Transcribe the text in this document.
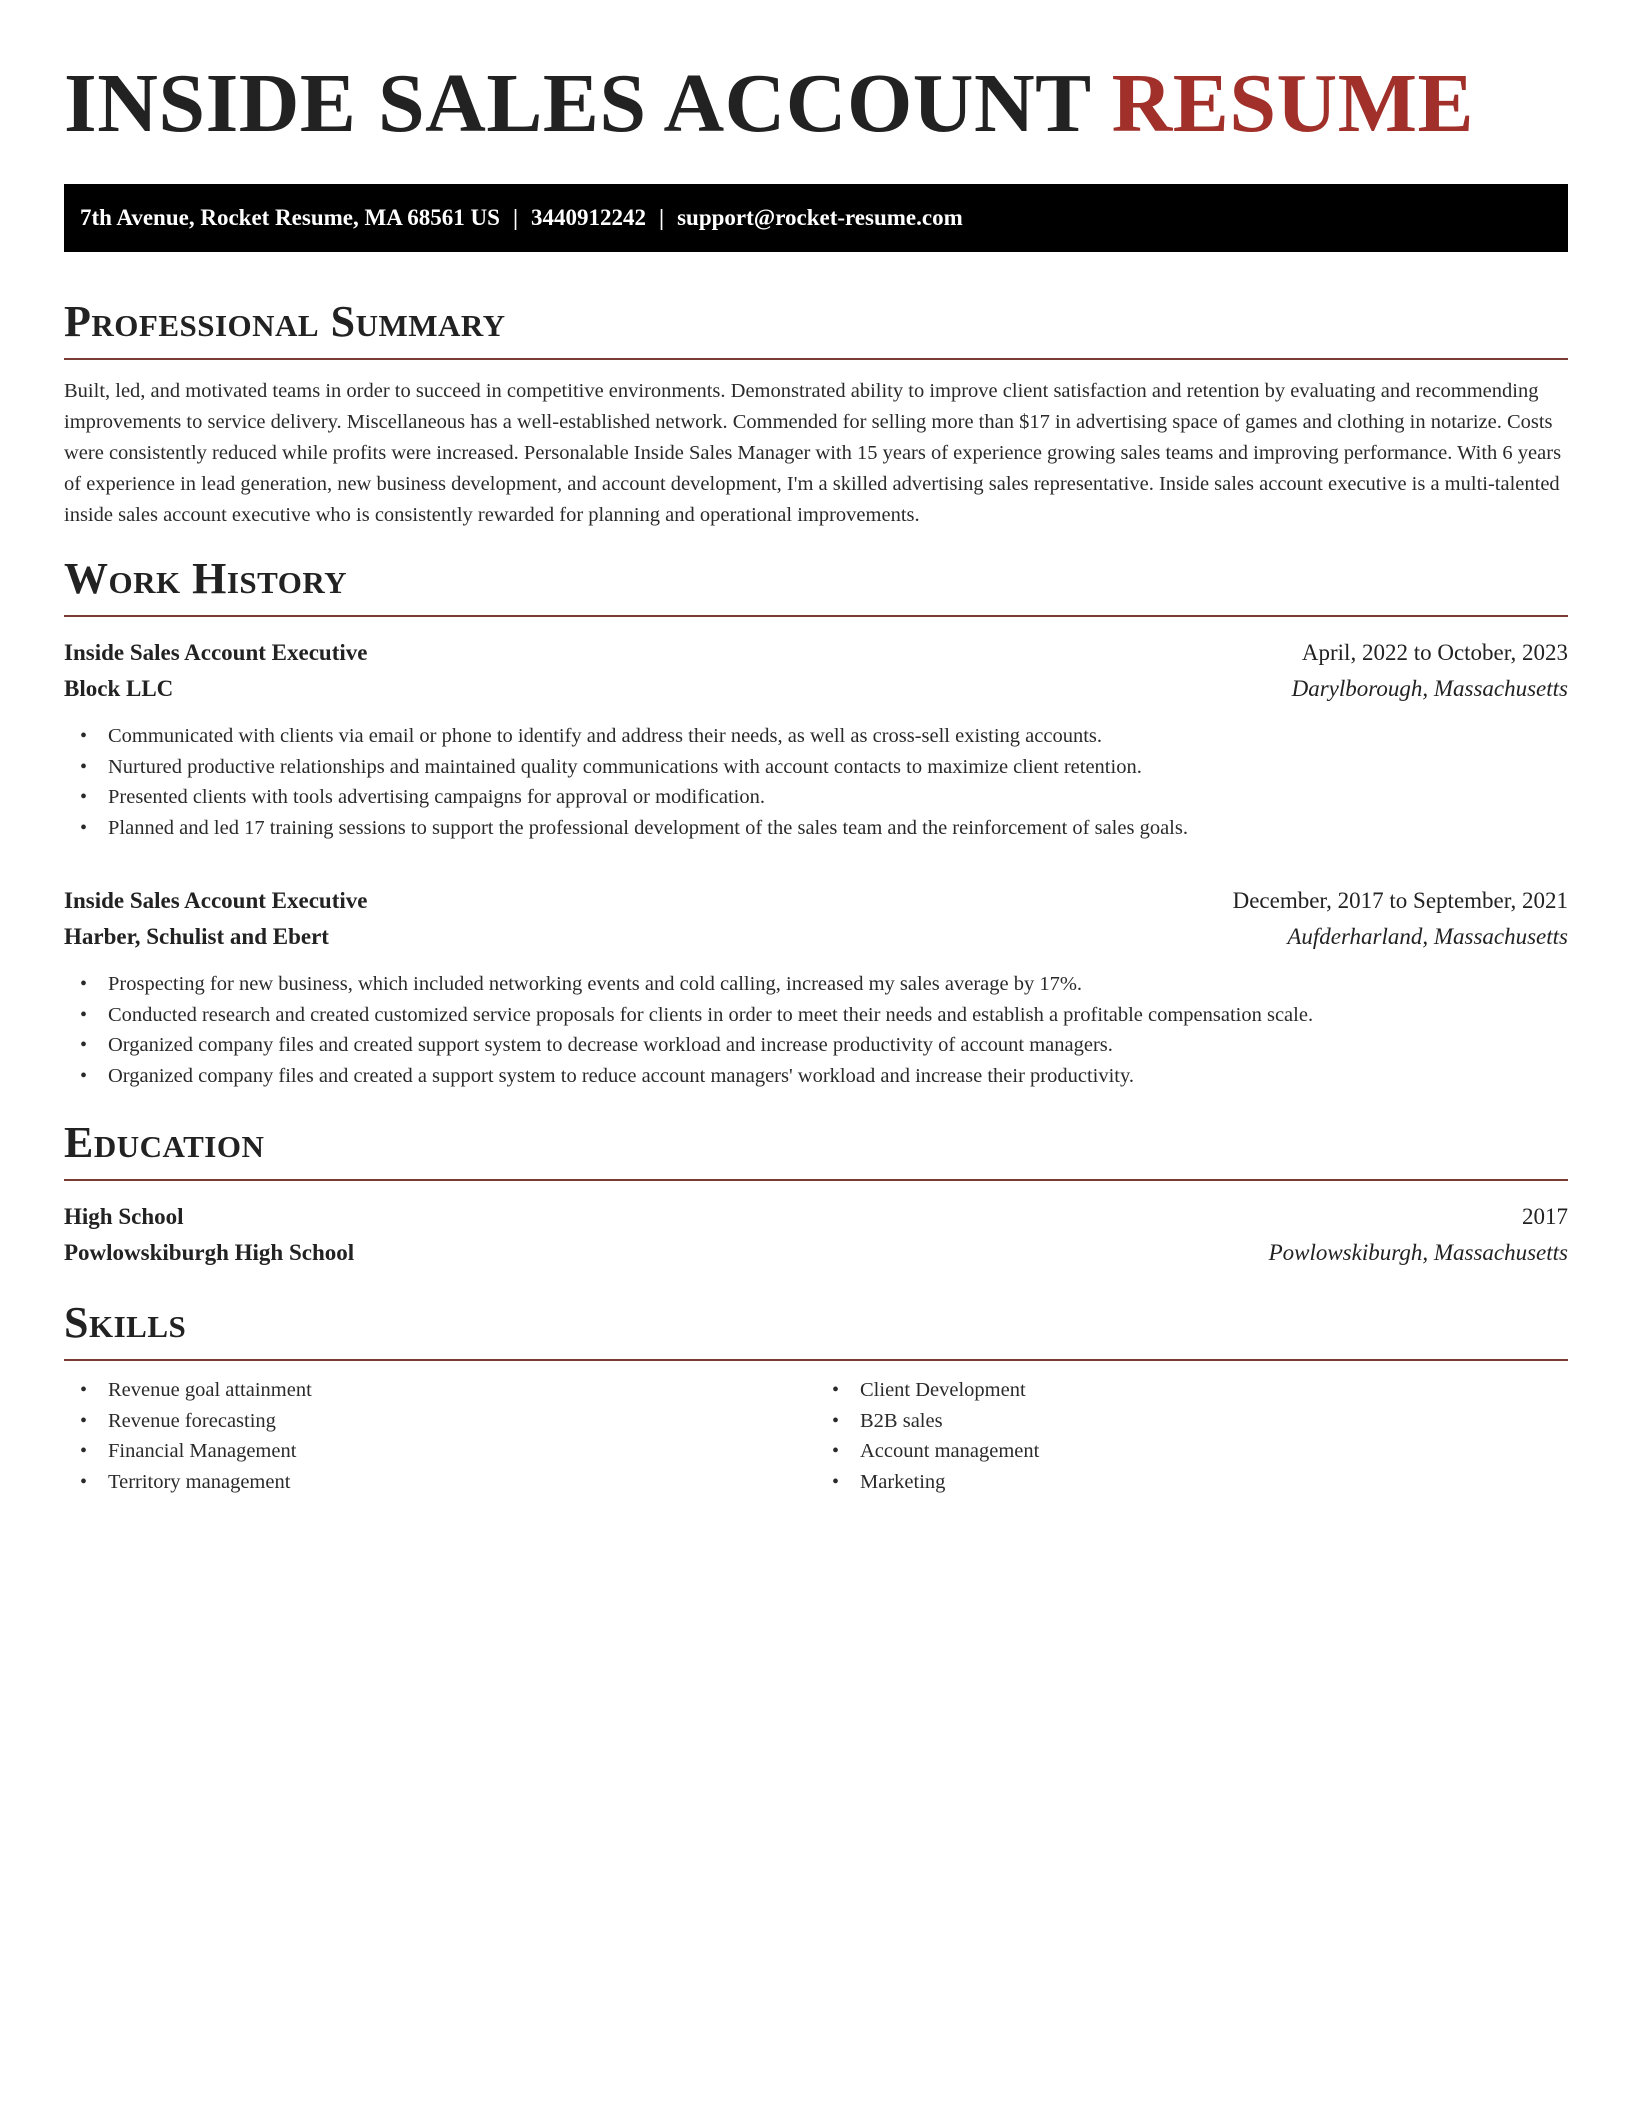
INSIDE SALES ACCOUNT RESUME
7th Avenue, Rocket Resume, MA 68561 US | 3440912242 | support@rocket-resume.com
Professional Summary

Built, led, and motivated teams in order to succeed in competitive environments. Demonstrated ability to improve client satisfaction and retention by evaluating and recommending improvements to service delivery. Miscellaneous has a well-established network. Commended for selling more than $17 in advertising space of games and clothing in notarize. Costs were consistently reduced while profits were increased. Personalable Inside Sales Manager with 15 years of experience growing sales teams and improving performance. With 6 years of experience in lead generation, new business development, and account development, I'm a skilled advertising sales representative. Inside sales account executive is a multi-talented inside sales account executive who is consistently rewarded for planning and operational improvements.

Work History
Inside Sales Account Executive	April, 2022 to October, 2023
Block LLC	Darylborough, Massachusetts
• Communicated with clients via email or phone to identify and address their needs, as well as cross-sell existing accounts.
• Nurtured productive relationships and maintained quality communications with account contacts to maximize client retention.
• Presented clients with tools advertising campaigns for approval or modification.
• Planned and led 17 training sessions to support the professional development of the sales team and the reinforcement of sales goals.
Inside Sales Account Executive	December, 2017 to September, 2021
Harber, Schulist and Ebert	Aufderharland, Massachusetts
• Prospecting for new business, which included networking events and cold calling, increased my sales average by 17%.
• Conducted research and created customized service proposals for clients in order to meet their needs and establish a profitable compensation scale.
• Organized company files and created support system to decrease workload and increase productivity of account managers.
• Organized company files and created a support system to reduce account managers' workload and increase their productivity.
Education
High School	2017
Powlowskiburgh High School	Powlowskiburgh, Massachusetts
Skills
• Revenue goal attainment
• Revenue forecasting
• Financial Management
• Territory management
• Client Development
• B2B sales
• Account management
• Marketing
